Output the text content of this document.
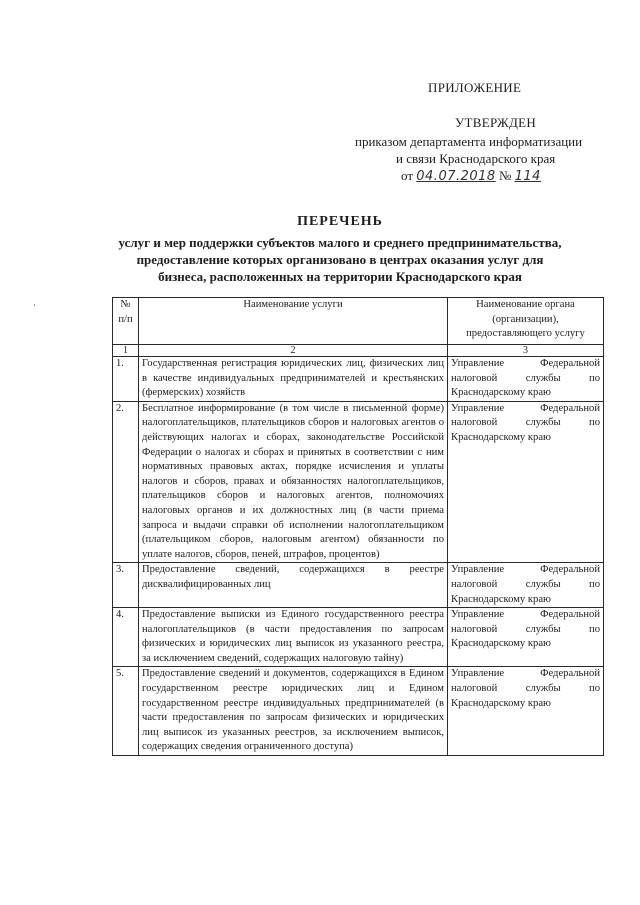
ПРИЛОЖЕНИЕ
УТВЕРЖДЕН
приказом департамента информатизации
и связи Краснодарского края
от 04.07.2018 № 114
ПЕРЕЧЕНЬ
услуг и мер поддержки субъектов малого и среднего предпринимательства,
предоставление которых организовано в центрах оказания услуг для
бизнеса, расположенных на территории Краснодарского края
№ п/п	Наименование услуги	Наименование органа (организации), предоставляющего услугу
1	2	3
1.	Государственная регистрация юридических лиц, физических лиц в качестве индивидуальных предпринимателей и крестьянских (фермерских) хозяйств	Управление Федеральной налоговой службы по Краснодарскому краю
2.	Бесплатное информирование (в том числе в письменной форме) налогоплательщиков, плательщиков сборов и налоговых агентов о действующих налогах и сборах, законодательстве Российской Федерации о налогах и сборах и принятых в соответствии с ним нормативных правовых актах, порядке исчисления и уплаты налогов и сборов, правах и обязанностях налогоплательщиков, плательщиков сборов и налоговых агентов, полномочиях налоговых органов и их должностных лиц (в части приема запроса и выдачи справки об исполнении налогоплательщиком (плательщиком сборов, налоговым агентом) обязанности по уплате налогов, сборов, пеней, штрафов, процентов)	Управление Федеральной налоговой службы по Краснодарскому краю
3.	Предоставление сведений, содержащихся в реестре дисквалифицированных лиц	Управление Федеральной налоговой службы по Краснодарскому краю
4.	Предоставление выписки из Единого государственного реестра налогоплательщиков (в части предоставления по запросам физических и юридических лиц выписок из указанного реестра, за исключением сведений, содержащих налоговую тайну)	Управление Федеральной налоговой службы по Краснодарскому краю
5.	Предоставление сведений и документов, содержащихся в Едином государственном реестре юридических лиц и Едином государственном реестре индивидуальных предпринимателей (в части предоставления по запросам физических и юридических лиц выписок из указанных реестров, за исключением выписок, содержащих сведения ограниченного доступа)	Управление Федеральной налоговой службы по Краснодарскому краю
